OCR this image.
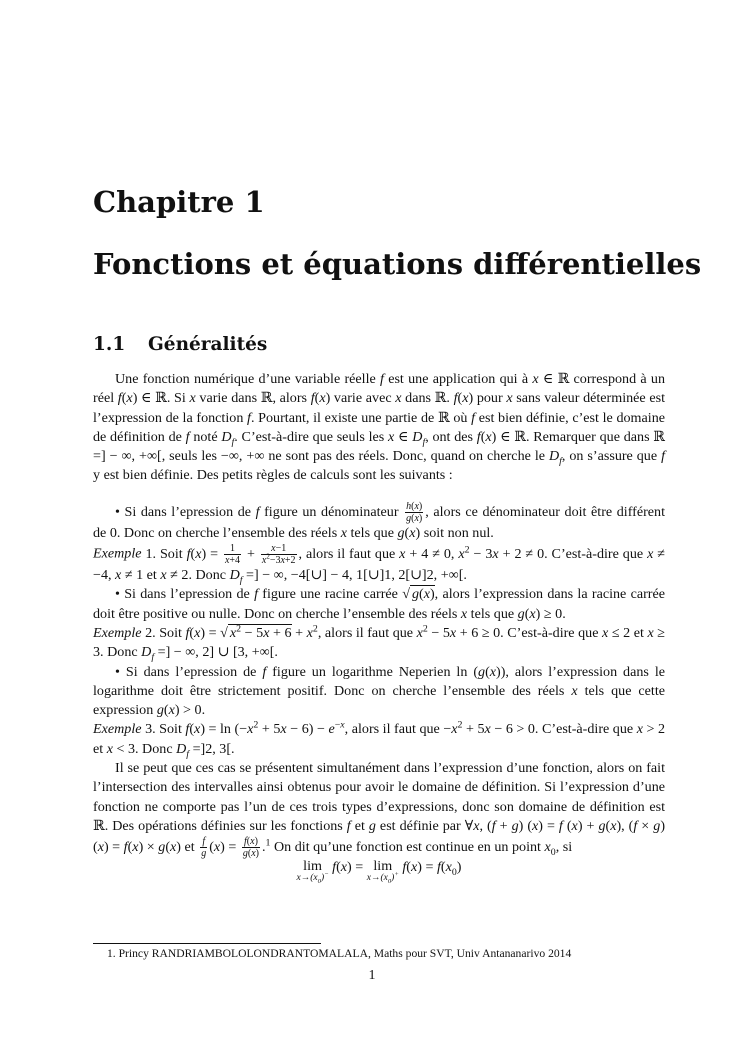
Chapitre 1
Fonctions et équations différentielles
1.1 Généralités

Une fonction numérique d’une variable réelle f est une application qui à x ∈ ℝ correspond à un réel f(x) ∈ ℝ. Si x varie dans ℝ, alors f(x) varie avec x dans ℝ. f(x) pour x sans valeur déterminée est l’expression de la fonction f. Pourtant, il existe une partie de ℝ où f est bien définie, c’est le domaine de définition de f noté $D_f$. C’est-à-dire que seuls les x ∈ $D_f$, ont des f(x) ∈ ℝ. Remarquer que dans ℝ =] − ∞, +∞[, seuls les −∞, +∞ ne sont pas des réels. Donc, quand on cherche le $D_f$, on s’assure que f y est bien définie. Des petits règles de calculs sont les suivants :

• Si dans l’epression de f figure un dénominateur $\frac{h(x)}{g(x)}$ , alors ce dénominateur doit être différent de 0. Donc on cherche l’ensemble des réels x tels que g(x) soit non nul.

Exemple 1. Soit $f(x) = \frac{1}{x+4} + \frac{x-1}{x^2-3x+2}$ , alors il faut que x + 4 ≠ 0, $x^2 - 3x + 2 \ne 0$. C’est-à-dire que x ≠ −4, x ≠ 1 et x ≠ 2. Donc $D_f$ =] − ∞, −4[∪] − 4, 1[∪]1, 2[∪]2, +∞[.

• Si dans l’epression de f figure une racine carrée √ g(x), alors l’expression dans la racine carrée doit être positive ou nulle. Donc on cherche l’ensemble des réels x tels que g(x) ≥ 0.

Exemple 2. Soit f(x) = √ $x^2 - 5x + 6 + x^2$, alors il faut que $x^2 - 5x + 6 \ge 0$. C’est-à-dire que x ≤ 2 et x ≥ 3. Donc $D_f$ =] − ∞, 2] ∪ [3, +∞[.

• Si dans l’epression de f figure un logarithme Neperien ln (g(x)), alors l’expression dans le logarithme doit être strictement positif. Donc on cherche l’ensemble des réels x tels que cette expression g(x) > 0.

Exemple 3. Soit $f(x) = \ln (-x^2 + 5x - 6) - e^{-x}$, alors il faut que $-x^2 + 5x - 6 > 0$. C’est-à-dire que x > 2 et x < 3. Donc $D_f =]2$, 3[.

Il se peut que ces cas se présentent simultanément dans l’expression d’une fonction, alors on fait l’intersection des intervalles ainsi obtenus pour avoir le domaine de définition. Si l’expression d’une fonction ne comporte pas l’un de ces trois types d’expressions, donc son domaine de définition est ℝ. Des opérations définies sur les fonctions f et g est définie par ∀x, (f + g) (x) = f (x) + g(x), (f × g)(x) = f(x) × g(x) et $\frac{f}{g} (x) = \frac{f(x)}{g(x)} .^1$ On dit qu’une fonction est continue en un point $x_0$, si

lim
$x\to(x_0)^-$ f(x) = lim
$x\to(x_0)^+$ $f(x) = f(x_0)$

1. Princy RANDRIAMBOLOLONDRANTOMALALA, Maths pour SVT, Univ Antananarivo 2014
1
